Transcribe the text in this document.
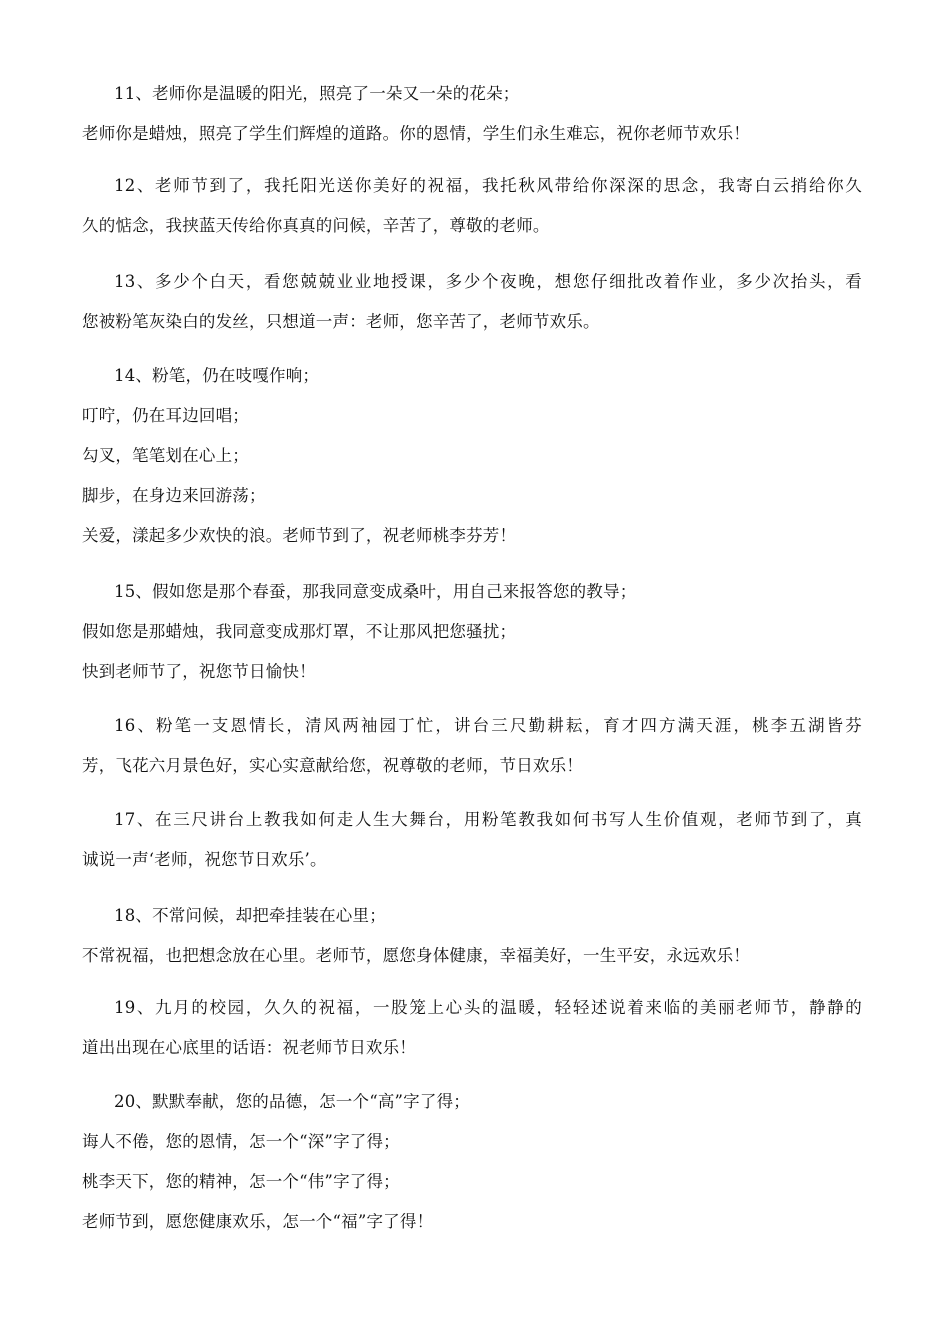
11、老师你是温暖的阳光，照亮了一朵又一朵的花朵；
老师你是蜡烛，照亮了学生们辉煌的道路。你的恩情，学生们永生难忘，祝你老师节欢乐！
12、老师节到了，我托阳光送你美好的祝福，我托秋风带给你深深的思念，我寄白云捎给你久
久的惦念，我挟蓝天传给你真真的问候，辛苦了，尊敬的老师。
13、多少个白天，看您兢兢业业地授课，多少个夜晚，想您仔细批改着作业，多少次抬头，看
您被粉笔灰染白的发丝，只想道一声：老师，您辛苦了，老师节欢乐。
14、粉笔，仍在吱嘎作响；
叮咛，仍在耳边回唱；
勾叉，笔笔划在心上；
脚步，在身边来回游荡；
关爱，漾起多少欢快的浪。老师节到了，祝老师桃李芬芳！
15、假如您是那个春蚕，那我同意变成桑叶，用自己来报答您的教导；
假如您是那蜡烛，我同意变成那灯罩，不让那风把您骚扰；
快到老师节了，祝您节日愉快！
16、粉笔一支恩情长，清风两袖园丁忙，讲台三尺勤耕耘，育才四方满天涯，桃李五湖皆芬
芳，飞花六月景色好，实心实意献给您，祝尊敬的老师，节日欢乐！
17、在三尺讲台上教我如何走人生大舞台，用粉笔教我如何书写人生价值观，老师节到了，真
诚说一声‘老师，祝您节日欢乐’。
18、不常问候，却把牵挂装在心里；
不常祝福，也把想念放在心里。老师节，愿您身体健康，幸福美好，一生平安，永远欢乐！
19、九月的校园，久久的祝福，一股笼上心头的温暖，轻轻述说着来临的美丽老师节，静静的
道出出现在心底里的话语：祝老师节日欢乐！
20、默默奉献，您的品德，怎一个“高”字了得；
诲人不倦，您的恩情，怎一个“深”字了得；
桃李天下，您的精神，怎一个“伟”字了得；
老师节到，愿您健康欢乐，怎一个“福”字了得！
